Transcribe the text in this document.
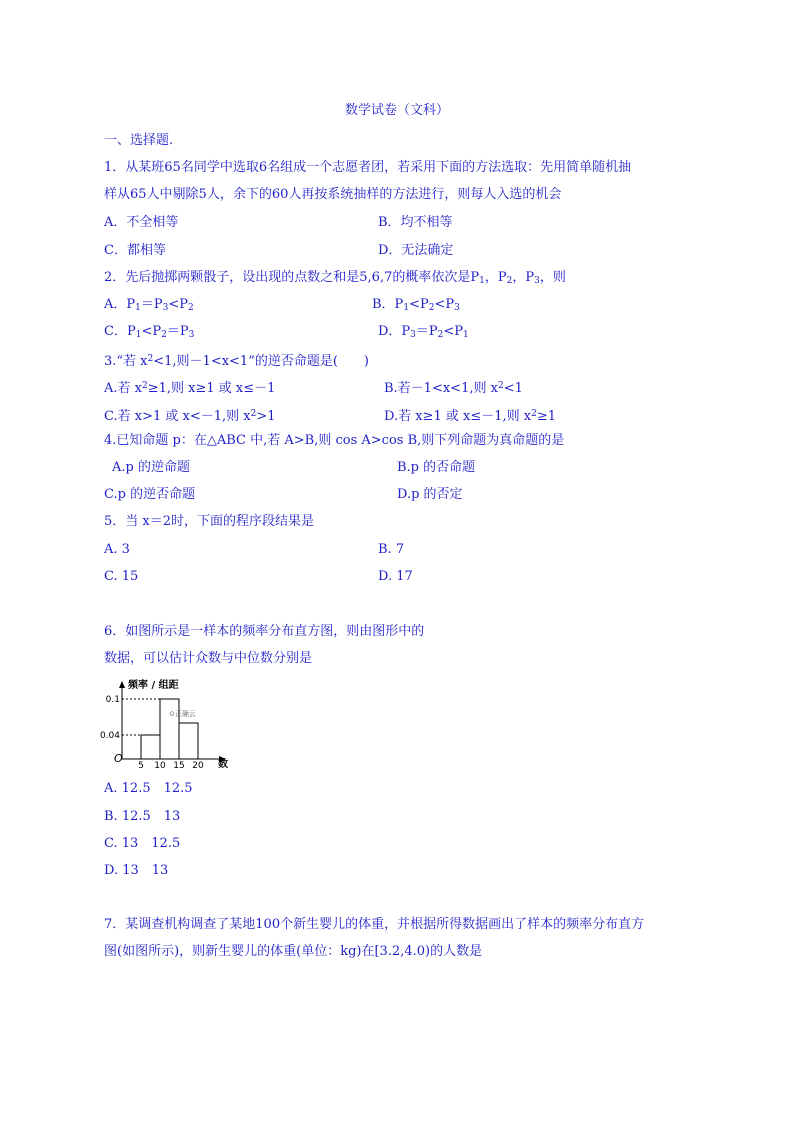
数学试卷（文科）
一、选择题.
1．从某班65名同学中选取6名组成一个志愿者团，若采用下面的方法选取：先用简单随机抽
样从65人中剔除5人，余下的60人再按系统抽样的方法进行，则每人入选的机会
A．不全相等	B．均不相等
C．都相等	D．无法确定
2．先后抛掷两颗骰子，设出现的点数之和是5,6,7的概率依次是$P_1$，$P_2$，$P_3$，则
A．$P_1=P_3<P_2$	B．$P_1<P_2<P_3$
C．$P_1<P_2=P_3$	D．$P_3=P_2<P_1$
3.“若 $x^2<1$,则－1<x<1”的逆否命题是(　　)
A.若 $x^2\ge 1$,则 x≥1 或 x≤－1	B.若－1<x<1,则 $x^2<1$
C.若 x>1 或 x<－1,则 $x^2>1$	D.若 x≥1 或 x≤－1,则 $x^2\ge 1$
4.已知命题 p：在△ABC 中,若 A>B,则 cos A>cos B,则下列命题为真命题的是
A.p 的逆命题	B.p 的否命题
C.p 的逆否命题	D.p 的否定
5．当 x＝2时，下面的程序段结果是
A. 3	B. 7
C. 15	D. 17
6．如图所示是一样本的频率分布直方图，则由图形中的
数据，可以估计众数与中位数分别是
频率 / 组距
数
O
⊙正确云
0.1
0.04
5 10 15 20
A. 12.5　12.5
B. 12.5　13
C. 13　12.5
D. 13　13
7．某调查机构调查了某地100个新生婴儿的体重，并根据所得数据画出了样本的频率分布直方
图(如图所示)，则新生婴儿的体重(单位：kg)在[3.2,4.0)的人数是
